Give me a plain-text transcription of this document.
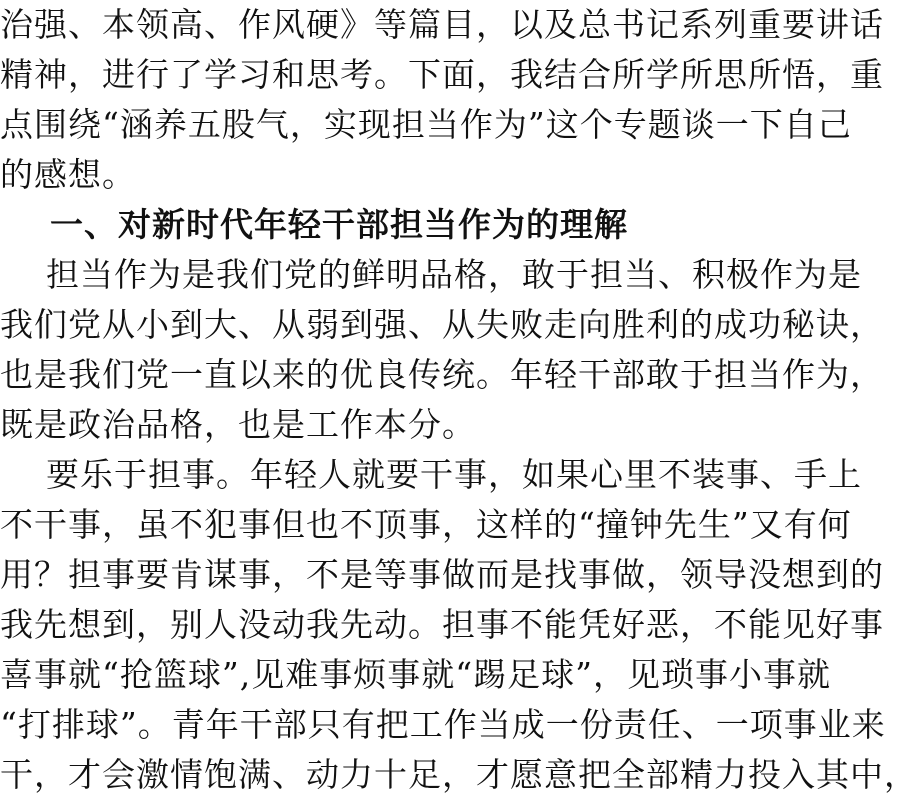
治强、本领高、作风硬》等篇目，以及总书记系列重要讲话
精神，进行了学习和思考。下面，我结合所学所思所悟，重
点围绕“涵养五股气，实现担当作为”这个专题谈一下自己
的感想。
一、对新时代年轻干部担当作为的理解
担当作为是我们党的鲜明品格，敢于担当、积极作为是
我们党从小到大、从弱到强、从失败走向胜利的成功秘诀，
也是我们党一直以来的优良传统。年轻干部敢于担当作为，
既是政治品格，也是工作本分。
要乐于担事。年轻人就要干事，如果心里不装事、手上
不干事，虽不犯事但也不顶事，这样的“撞钟先生”又有何
用？担事要肯谋事，不是等事做而是找事做，领导没想到的
我先想到，别人没动我先动。担事不能凭好恶，不能见好事
喜事就“抢篮球”,见难事烦事就“踢足球”，见琐事小事就
“打排球”。青年干部只有把工作当成一份责任、一项事业来
干，才会激情饱满、动力十足，才愿意把全部精力投入其中，
